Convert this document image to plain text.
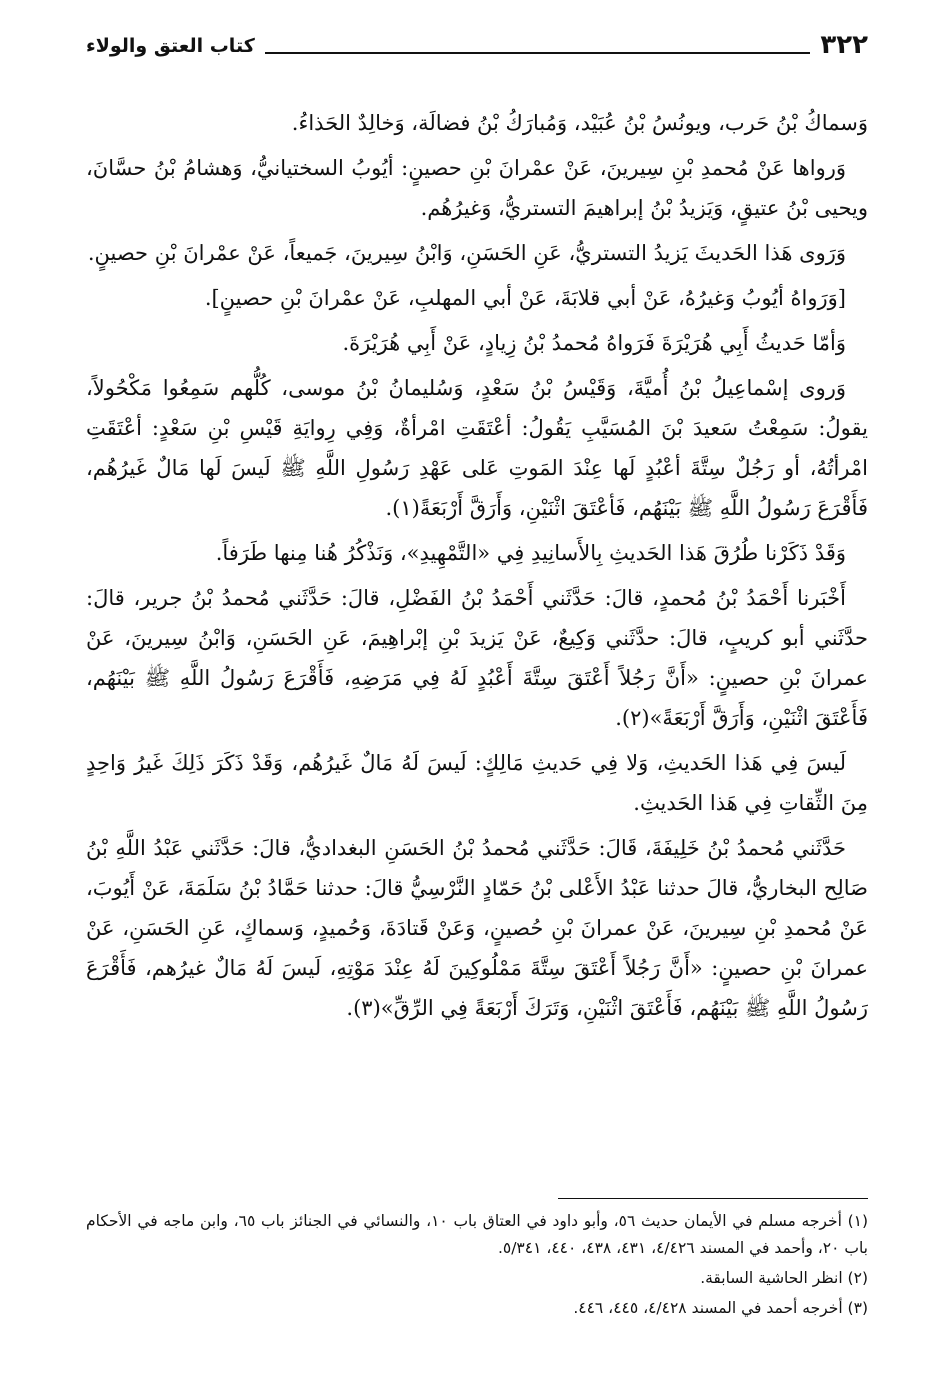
٣٢٢
كتاب العتق والولاء

وَسماكُ بْنُ حَرب، ويونُسُ بْنُ عُبَيْد، وَمُبارَكُ بْنُ فضالَة، وَخالِدٌ الحَذاءُ.

وَرواها عَنْ مُحمدِ بْنِ سِيرينَ، عَنْ عمْرانَ بْنِ حصينٍ: أيُوبُ السختيانيُّ، وَهشامُ بْنُ حسَّانَ، ويحيى بْنُ عتيقٍ، وَيَزيدُ بْنُ إبراهيمَ التستريُّ، وَغيرُهُم.

وَرَوى هَذا الحَديثَ يَزيدُ التستريُّ، عَنِ الحَسَنِ، وَابْنُ سِيرينَ، جَميعاً، عَنْ عمْرانَ بْنِ حصينٍ.

[وَرَواهُ أيُوبُ وَغيرُهُ، عَنْ أبي قلابَةَ، عَنْ أبي المهلبِ، عَنْ عمْرانَ بْنِ حصينٍ].

وَأمّا حَديثُ أَبِي هُرَيْرَةَ فَرَواهُ مُحمدُ بْنُ زِيادٍ، عَنْ أَبِي هُرَيْرَةَ.

وَروى إسْماعِيلُ بْنُ أُميَّةَ، وَقَيْسُ بْنُ سَعْدٍ، وَسُليمانُ بْنُ موسى، كُلُّهم سَمِعُوا مَكْحُولاً، يقولُ: سَمِعْتُ سَعيدَ بْنَ المُسَيَّبِ يَقُولُ: أعْتَقَتِ امْرأةٌ، وَفِي رِوايَةِ قَيْسِ بْنِ سَعْدٍ: أعْتَقَتِ امْرأتُهُ، أو رَجُلٌ سِتَّةَ أعْبُدٍ لَها عِنْدَ المَوتِ عَلى عَهْدِ رَسُولِ اللَّهِ ﷺ لَيسَ لَها مَالٌ غَيرُهُم، فَأَقْرَعَ رَسُولُ اللَّهِ ﷺ بَيْنَهُم، فَأعْتَقَ اثْنَيْنِ، وَأَرَقَّ أَرْبَعَةً(١).

وَقَدْ ذَكَرْنا طُرُقَ هَذا الحَديثِ بِالأَسانِيدِ فِي «التَّمْهِيدِ»، وَنَذْكُرُ هُنا مِنها طَرَفاً.

أَخْبَرنا أَحْمَدُ بْنُ مُحمدٍ، قالَ: حَدَّثَني أَحْمَدُ بْنُ الفَضْلِ، قالَ: حَدَّثَني مُحمدُ بْنُ جرير، قالَ: حدَّثَني أبو كريبٍ، قالَ: حدَّثَني وَكِيعٌ، عَنْ يَزيدَ بْنِ إبْراهِيمَ، عَنِ الحَسَنِ، وَابْنُ سِيرينَ، عَنْ عمرانَ بْنِ حصينٍ: «أَنَّ رَجُلاً أَعْتَقَ سِتَّةَ أَعْبُدٍ لَهُ فِي مَرَضِهِ، فَأَقْرَعَ رَسُولُ اللَّهِ ﷺ بَيْنَهُم، فَأَعْتَقَ اثْنَيْنِ، وَأَرَقَّ أَرْبَعَةً»(٢).

لَيسَ فِي هَذا الحَديثِ، وَلا فِي حَديثِ مَالِكٍ: لَيسَ لَهُ مَالٌ غَيرُهُم، وَقَدْ ذَكَرَ ذَلِكَ غَيرُ وَاحِدٍ مِنَ الثِّقاتِ فِي هَذا الحَديثِ.

حَدَّثَني مُحمدُ بْنُ خَلِيفَةَ، قَالَ: حَدَّثَني مُحمدُ بْنُ الحَسَنِ البغداديُّ، قالَ: حَدَّثَني عَبْدُ اللَّهِ بْنُ صَالِح البخاريُّ، قالَ حدثنا عَبْدُ الأَعْلى بْنُ حَمّادٍ النَّرْسِيُّ قالَ: حدثنا حَمَّادُ بْنُ سَلَمَةَ، عَنْ أَيُوبَ، عَنْ مُحمدِ بْنِ سِيرينَ، عَنْ عمرانَ بْنِ حُصينٍ، وَعَنْ قَتادَةَ، وَحُميدٍ، وَسماكٍ، عَنِ الحَسَنِ، عَنْ عمرانَ بْنِ حصينٍ: «أَنَّ رَجُلاً أَعْتَقَ سِتَّةَ مَمْلُوكِينَ لَهُ عِنْدَ مَوْتِهِ، لَيسَ لَهُ مَالٌ غيرُهم، فَأَقْرَعَ رَسُولُ اللَّهِ ﷺ بَيْنَهُم، فَأَعْتَقَ اثْنَيْنِ، وَتَرَكَ أَرْبَعَةً فِي الرِّقِّ»(٣).

(١) أخرجه مسلم في الأيمان حديث ٥٦، وأبو داود في العتاق باب ١٠، والنسائي في الجنائز باب ٦٥، وابن ماجه في الأحكام باب ٢٠، وأحمد في المسند ٤/٤٢٦، ٤٣١، ٤٣٨، ٤٤٠، ٥/٣٤١.

(٢) انظر الحاشية السابقة.

(٣) أخرجه أحمد في المسند ٤/٤٢٨، ٤٤٥، ٤٤٦.
